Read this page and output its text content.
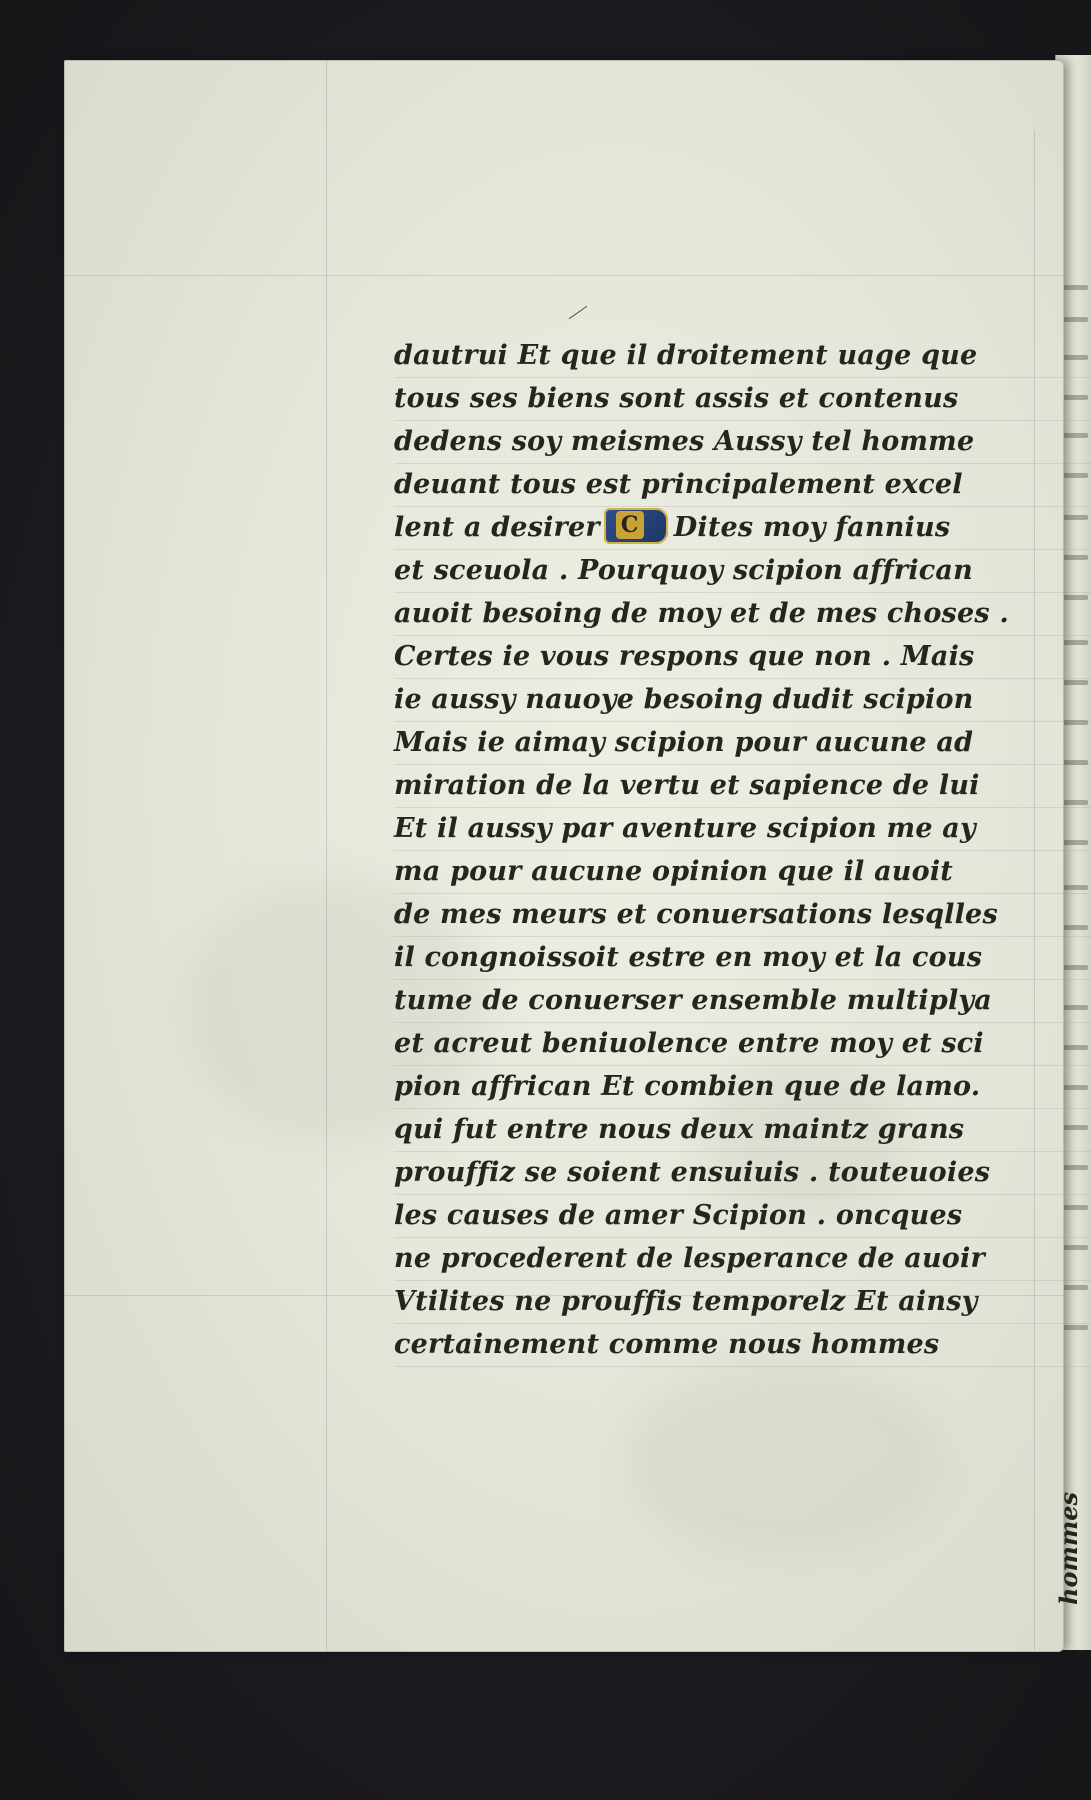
dautrui Et que il droitement uage que
tous ses biens sont assis et contenus
dedens soy meismes Aussy tel homme
deuant tous est principalement excel
lent a desirer C Dites moy fannius
et sceuola . Pourquoy scipion affrican
auoit besoing de moy et de mes choses .
Certes ie vous respons que non . Mais
ie aussy nauoye besoing dudit scipion
Mais ie aimay scipion pour aucune ad
miration de la vertu et sapience de lui
Et il aussy par aventure scipion me ay
ma pour aucune opinion que il auoit
de mes meurs et conuersations lesqlles
il congnoissoit estre en moy et la cous
tume de conuerser ensemble multiplya
et acreut beniuolence entre moy et sci
pion affrican Et combien que de lamo.
qui fut entre nous deux maintz grans
prouffiz se soient ensuiuis . touteuoies
les causes de amer Scipion . oncques
ne procederent de lesperance de auoir
Vtilites ne prouffis temporelz Et ainsy
certainement comme nous hommes
hommes
